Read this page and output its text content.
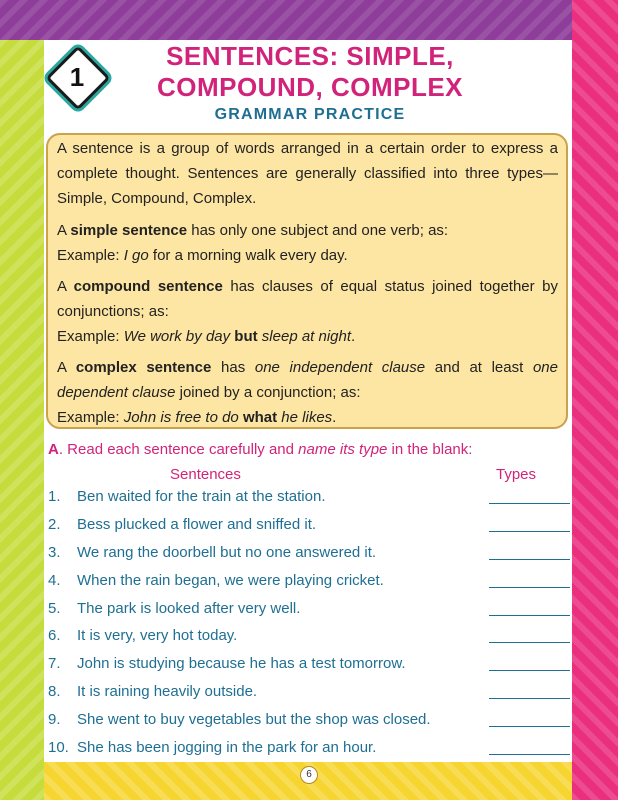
1
SENTENCES: SIMPLE,
COMPOUND, COMPLEX
GRAMMAR PRACTICE

A sentence is a group of words arranged in a certain order to express a complete thought. Sentences are generally classified into three types— Simple, Compound, Complex.

A simple sentence has only one subject and one verb; as:

Example: I go for a morning walk every day.

A compound sentence has clauses of equal status joined together by conjunctions; as:

Example: We work by day but sleep at night.

A complex sentence has one independent clause and at least one dependent clause joined by a conjunction; as:

Example: John is free to do what he likes.

A. Read each sentence carefully and name its type in the blank:
Sentences	Types
1.	Ben waited for the train at the station.
2.	Bess plucked a flower and sniffed it.
3.	We rang the doorbell but no one answered it.
4.	When the rain began, we were playing cricket.
5.	The park is looked after very well.
6.	It is very, very hot today.
7.	John is studying because he has a test tomorrow.
8.	It is raining heavily outside.
9.	She went to buy vegetables but the shop was closed.
10. She has been jogging in the park for an hour.
6
